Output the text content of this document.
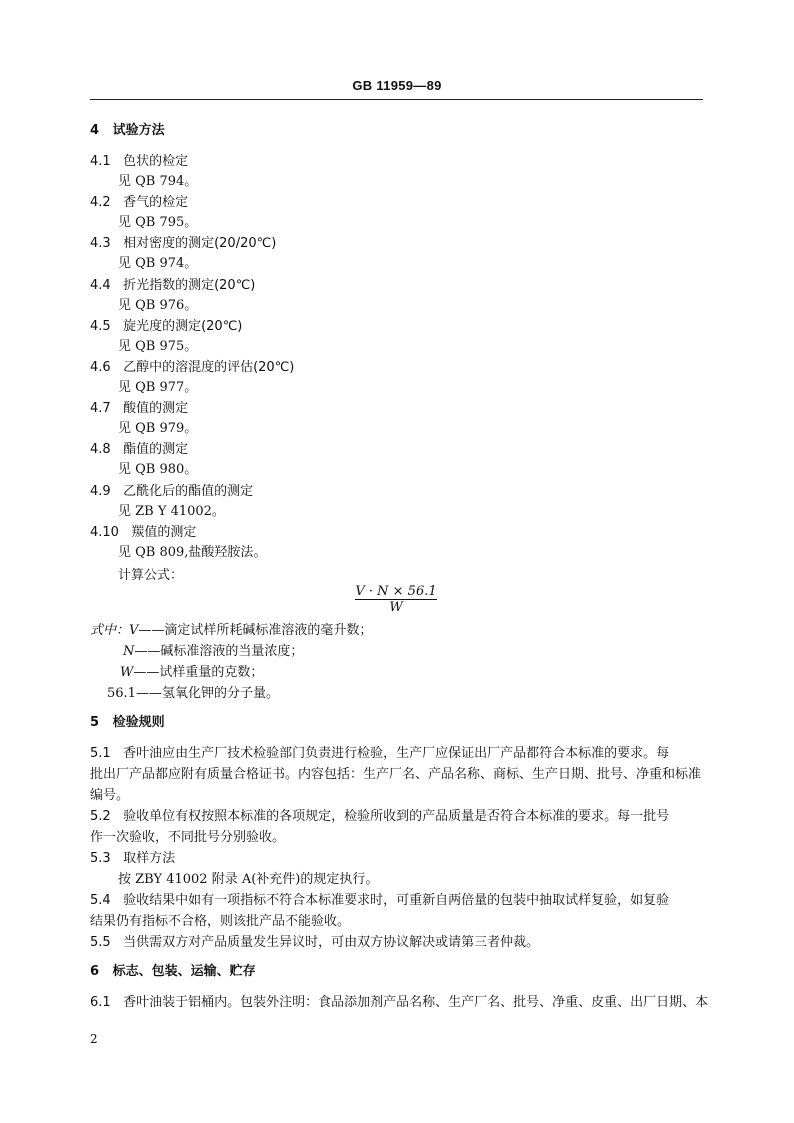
GB 11959—89
4 试验方法
4.1 色状的检定
见 QB 794。
4.2 香气的检定
见 QB 795。
4.3 相对密度的测定(20/20℃)
见 QB 974。
4.4 折光指数的测定(20℃)
见 QB 976。
4.5 旋光度的测定(20℃)
见 QB 975。
4.6 乙醇中的溶混度的评估(20℃)
见 QB 977。
4.7 酸值的测定
见 QB 979。
4.8 酯值的测定
见 QB 980。
4.9 乙酰化后的酯值的测定
见 ZB Y 41002。
4.10 羰值的测定
见 QB 809,盐酸羟胺法。
计算公式：
V · N × 56.1
W
式中：V——滴定试样所耗碱标准溶液的毫升数；
N——碱标准溶液的当量浓度；
W——试样重量的克数；
56.1——氢氧化钾的分子量。
5 检验规则
5.1 香叶油应由生产厂技术检验部门负责进行检验，生产厂应保证出厂产品都符合本标准的要求。每
批出厂产品都应附有质量合格证书。内容包括：生产厂名、产品名称、商标、生产日期、批号、净重和标准
编号。
5.2 验收单位有权按照本标准的各项规定，检验所收到的产品质量是否符合本标准的要求。每一批号
作一次验收，不同批号分别验收。
5.3 取样方法
按 ZBY 41002 附录 A(补充件)的规定执行。
5.4 验收结果中如有一项指标不符合本标准要求时，可重新自两倍量的包装中抽取试样复验，如复验
结果仍有指标不合格，则该批产品不能验收。
5.5 当供需双方对产品质量发生异议时，可由双方协议解决或请第三者仲裁。
6 标志、包装、运输、贮存
6.1 香叶油装于铝桶内。包装外注明：食品添加剂产品名称、生产厂名、批号、净重、皮重、出厂日期、本
2
